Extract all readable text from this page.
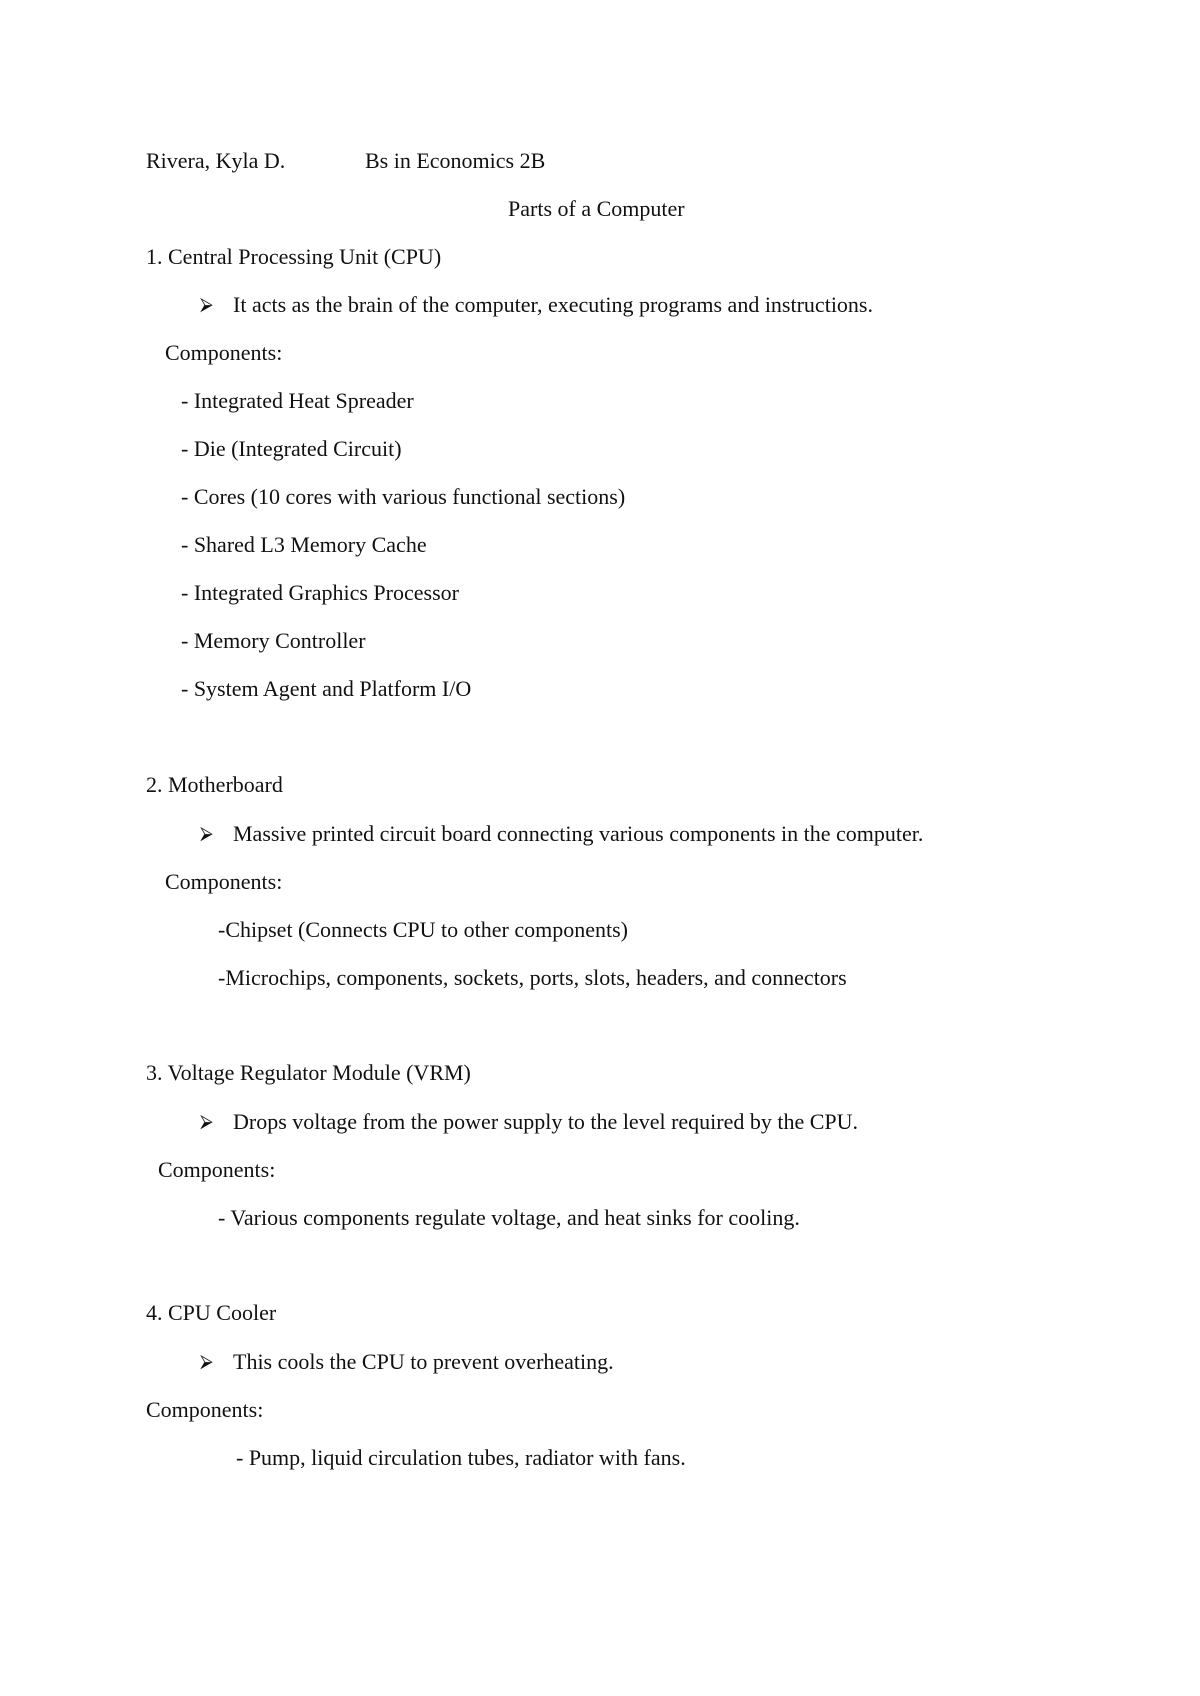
Rivera, Kyla D.	Bs in Economics 2B
Parts of a Computer
1. Central Processing Unit (CPU)
⮚ It acts as the brain of the computer, executing programs and instructions.
Components:
- Integrated Heat Spreader
- Die (Integrated Circuit)
- Cores (10 cores with various functional sections)
- Shared L3 Memory Cache
- Integrated Graphics Processor
- Memory Controller
- System Agent and Platform I/O
2. Motherboard
⮚ Massive printed circuit board connecting various components in the computer.
Components:
-Chipset (Connects CPU to other components)
-Microchips, components, sockets, ports, slots, headers, and connectors
3. Voltage Regulator Module (VRM)
⮚ Drops voltage from the power supply to the level required by the CPU.
Components:
- Various components regulate voltage, and heat sinks for cooling.
4. CPU Cooler
⮚ This cools the CPU to prevent overheating.
Components:
- Pump, liquid circulation tubes, radiator with fans.
